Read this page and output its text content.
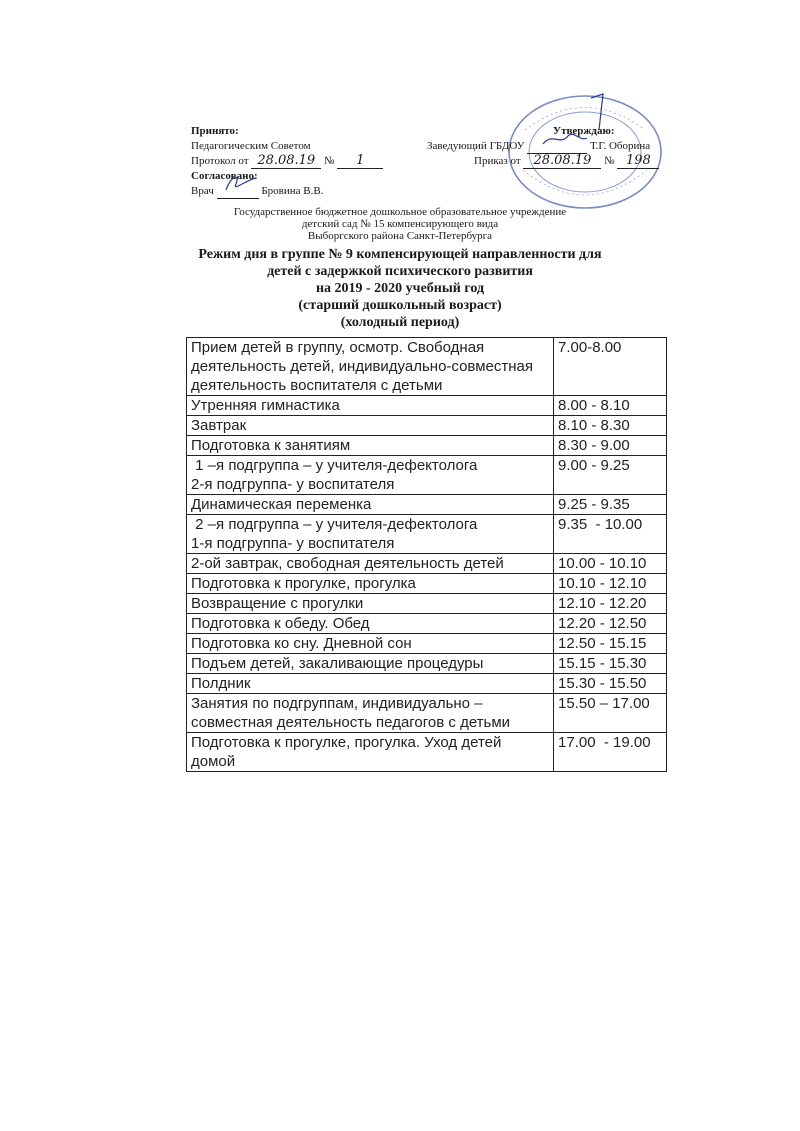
Принято:
Педагогическим Советом
Протокол от 28.08.19 № 1
Согласовано:
Врач	Бровина В.В.
Утверждаю:
Заведующий ГБДОУ	Т.Г. Оборина
Приказ от 28.08.19 № 198
Государственное бюджетное дошкольное образовательное учреждение
детский сад № 15 компенсирующего вида
Выборгского района Санкт-Петербурга
Режим дня в группе № 9 компенсирующей направленности для
детей с задержкой психического развития
на 2019 - 2020 учебный год
(старший дошкольный возраст)
(холодный период)
Прием детей в группу, осмотр. Свободная деятельность детей, индивидуально-совместная деятельность воспитателя с детьми	7.00-8.00
Утренняя гимнастика	8.00 - 8.10
Завтрак	8.10 - 8.30
Подготовка к занятиям	8.30 - 9.00
1 –я подгруппа – у учителя-дефектолога
2-я подгруппа- у воспитателя	9.00 - 9.25
Динамическая переменка	9.25 - 9.35
2 –я подгруппа – у учителя-дефектолога
1-я подгруппа- у воспитателя	9.35  - 10.00
2-ой завтрак, свободная деятельность детей	10.00 - 10.10
Подготовка к прогулке, прогулка	10.10 - 12.10
Возвращение с прогулки	12.10 - 12.20
Подготовка к обеду. Обед	12.20 - 12.50
Подготовка ко сну. Дневной сон	12.50 - 15.15
Подъем детей, закаливающие процедуры	15.15 - 15.30
Полдник	15.30 - 15.50
Занятия по подгруппам, индивидуально – совместная деятельность педагогов с детьми	15.50 – 17.00
Подготовка к прогулке, прогулка. Уход детей домой	17.00  - 19.00
